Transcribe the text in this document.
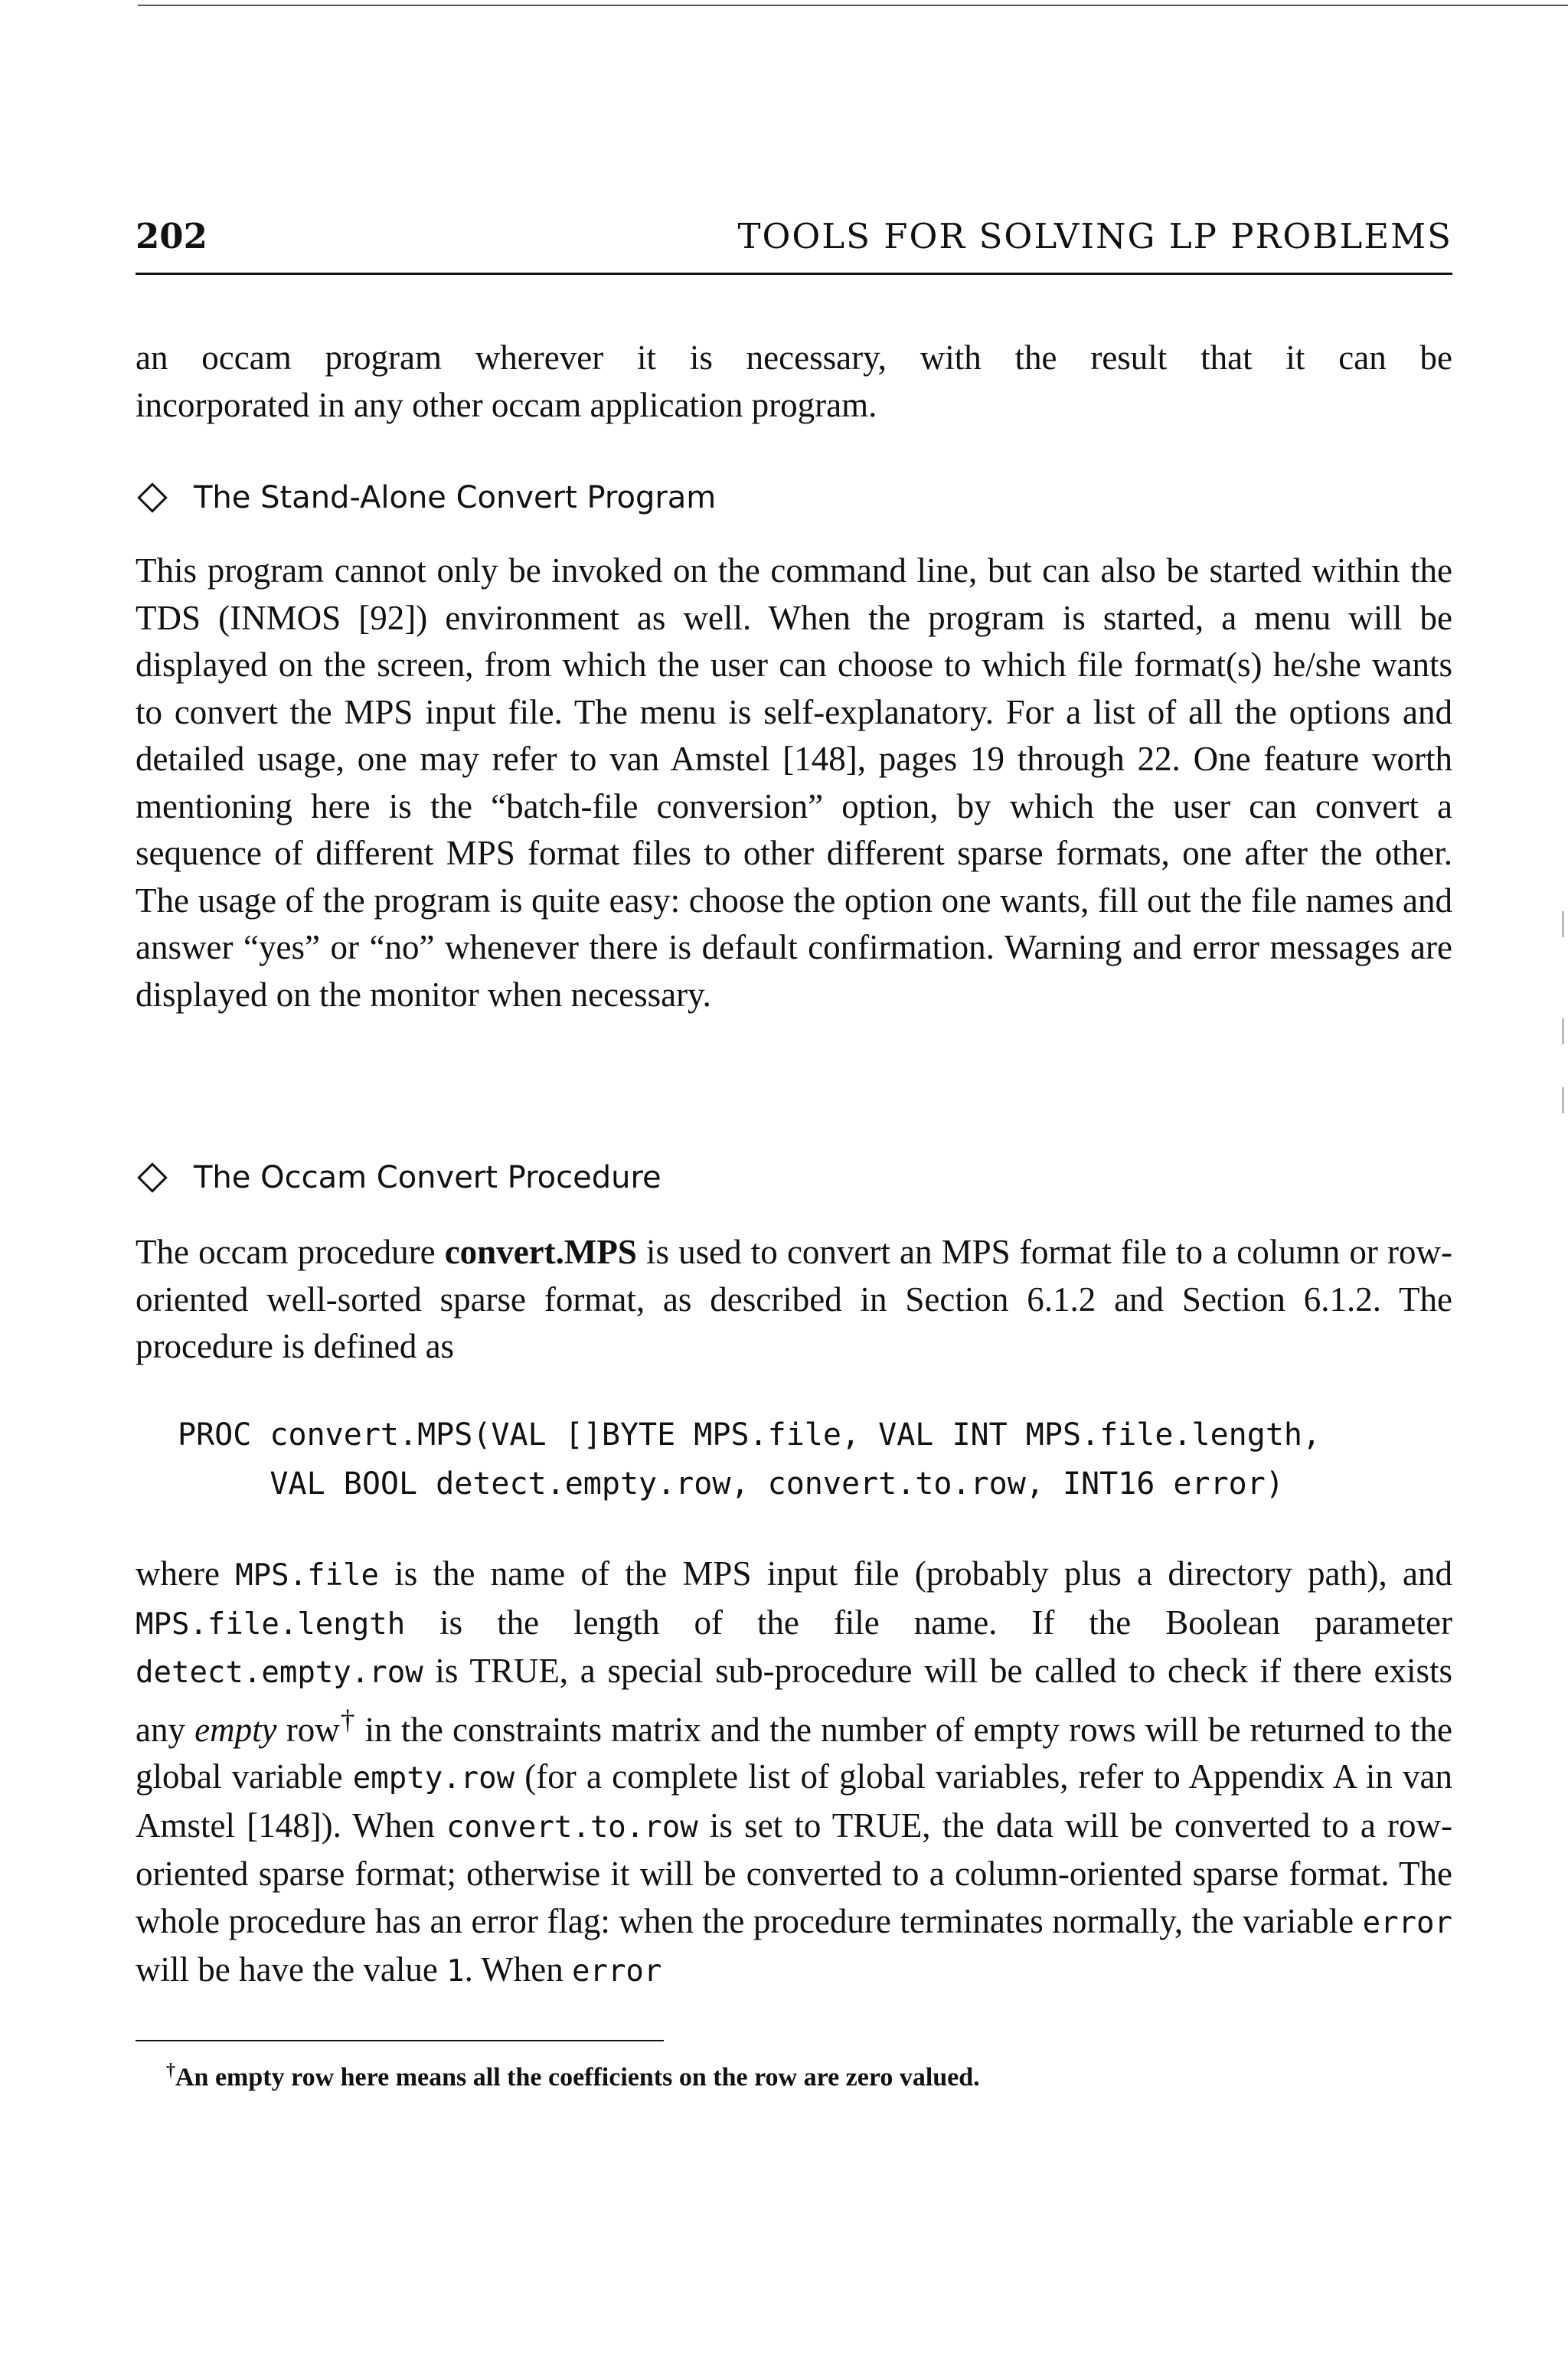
202	TOOLS FOR SOLVING LP PROBLEMS
an occam program wherever it is necessary, with the result that it can be
incorporated in any other occam application program.
The Stand-Alone Convert Program
This program cannot only be invoked on the command line, but can also be started within the TDS (INMOS [92]) environment as well. When the program is started, a menu will be displayed on the screen, from which the user can choose to which file format(s) he/she wants to convert the MPS input file. The menu is self-explanatory. For a list of all the options and detailed usage, one may refer to van Amstel [148], pages 19 through 22. One feature worth mentioning here is the “batch-file conversion” option, by which the user can convert a sequence of different MPS format files to other different sparse formats, one after the other. The usage of the program is quite easy: choose the option one wants, fill out the file names and answer “yes” or “no” whenever there is default confirmation. Warning and error messages are displayed on the monitor when necessary.
The Occam Convert Procedure
The occam procedure convert.MPS is used to convert an MPS format file to a column or row-oriented well-sorted sparse format, as described in Section 6.1.2 and Section 6.1.2. The procedure is defined as
PROC convert.MPS(VAL []BYTE MPS.file, VAL INT MPS.file.length,
VAL BOOL detect.empty.row, convert.to.row, INT16 error)
where MPS.file is the name of the MPS input file (probably plus a directory path), and MPS.file.length is the length of the file name. If the Boolean parameter detect.empty.row is TRUE, a special sub-procedure will be called to check if there exists any empty row† in the constraints matrix and the number of empty rows will be returned to the global variable empty.row (for a complete list of global variables, refer to Appendix A in van Amstel [148]). When convert.to.row is set to TRUE, the data will be converted to a row-oriented sparse format; otherwise it will be converted to a column-oriented sparse format. The whole procedure has an error flag: when the procedure terminates normally, the variable error will be have the value 1. When error
†An empty row here means all the coefficients on the row are zero valued.
